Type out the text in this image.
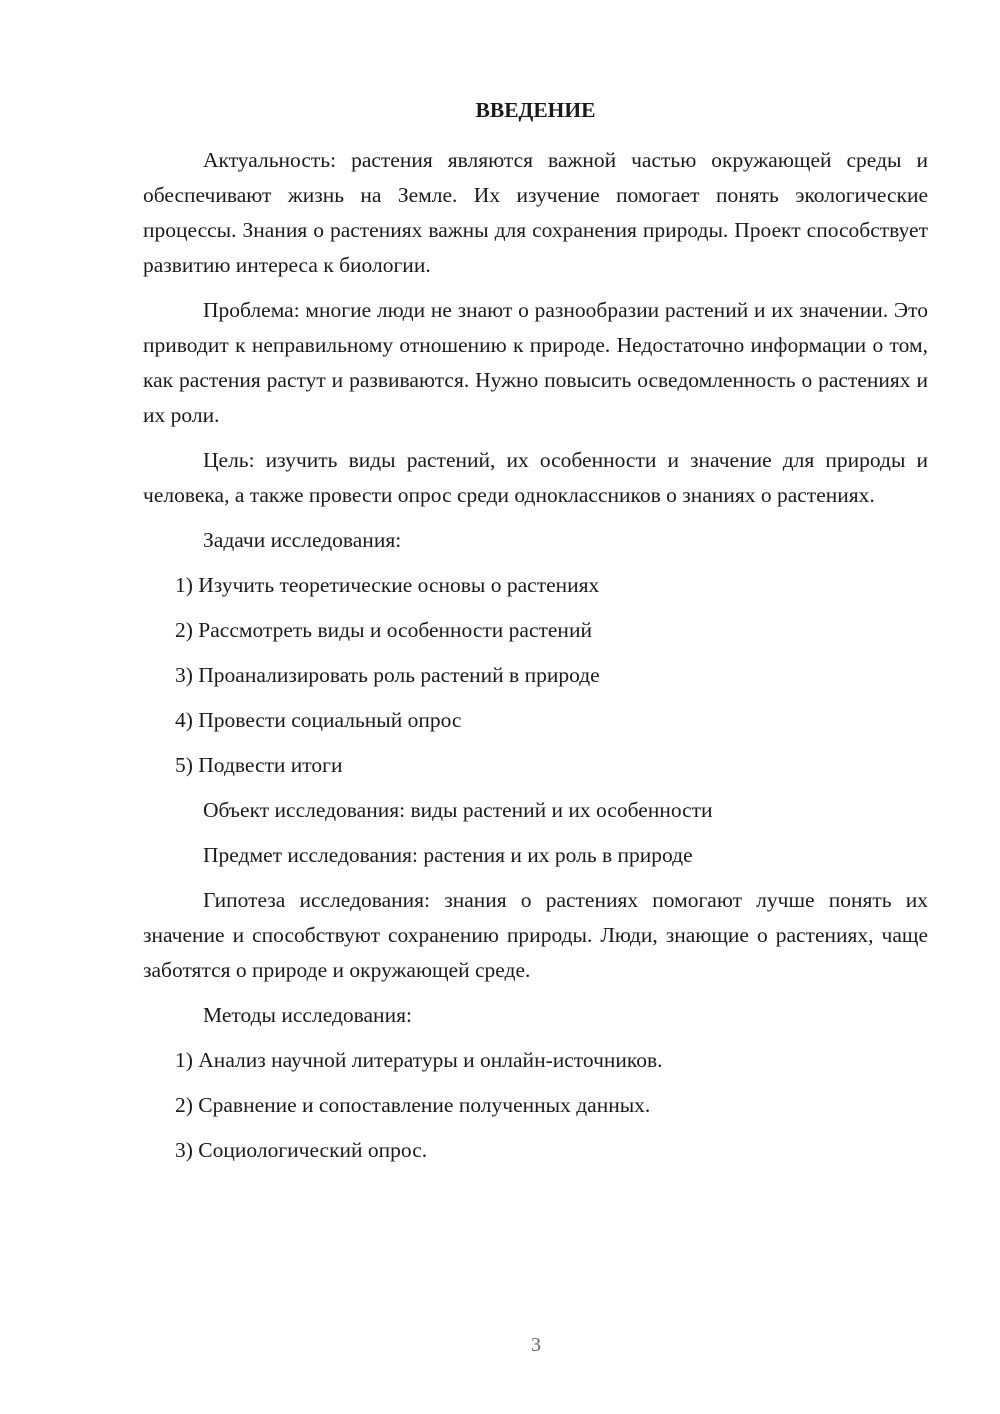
ВВЕДЕНИЕ

Актуальность: растения являются важной частью окружающей среды и обеспечивают жизнь на Земле. Их изучение помогает понять экологические процессы. Знания о растениях важны для сохранения природы. Проект способствует развитию интереса к биологии.

Проблема: многие люди не знают о разнообразии растений и их значении. Это приводит к неправильному отношению к природе. Недостаточно информации о том, как растения растут и развиваются. Нужно повысить осведомленность о растениях и их роли.

Цель: изучить виды растений, их особенности и значение для природы и человека, а также провести опрос среди одноклассников о знаниях о растениях.

Задачи исследования:

1) Изучить теоретические основы о растениях

2) Рассмотреть виды и особенности растений

3) Проанализировать роль растений в природе

4) Провести социальный опрос

5) Подвести итоги

Объект исследования: виды растений и их особенности

Предмет исследования: растения и их роль в природе

Гипотеза исследования: знания о растениях помогают лучше понять их значение и способствуют сохранению природы. Люди, знающие о растениях, чаще заботятся о природе и окружающей среде.

Методы исследования:

1) Анализ научной литературы и онлайн-источников.

2) Сравнение и сопоставление полученных данных.

3) Социологический опрос.

3
